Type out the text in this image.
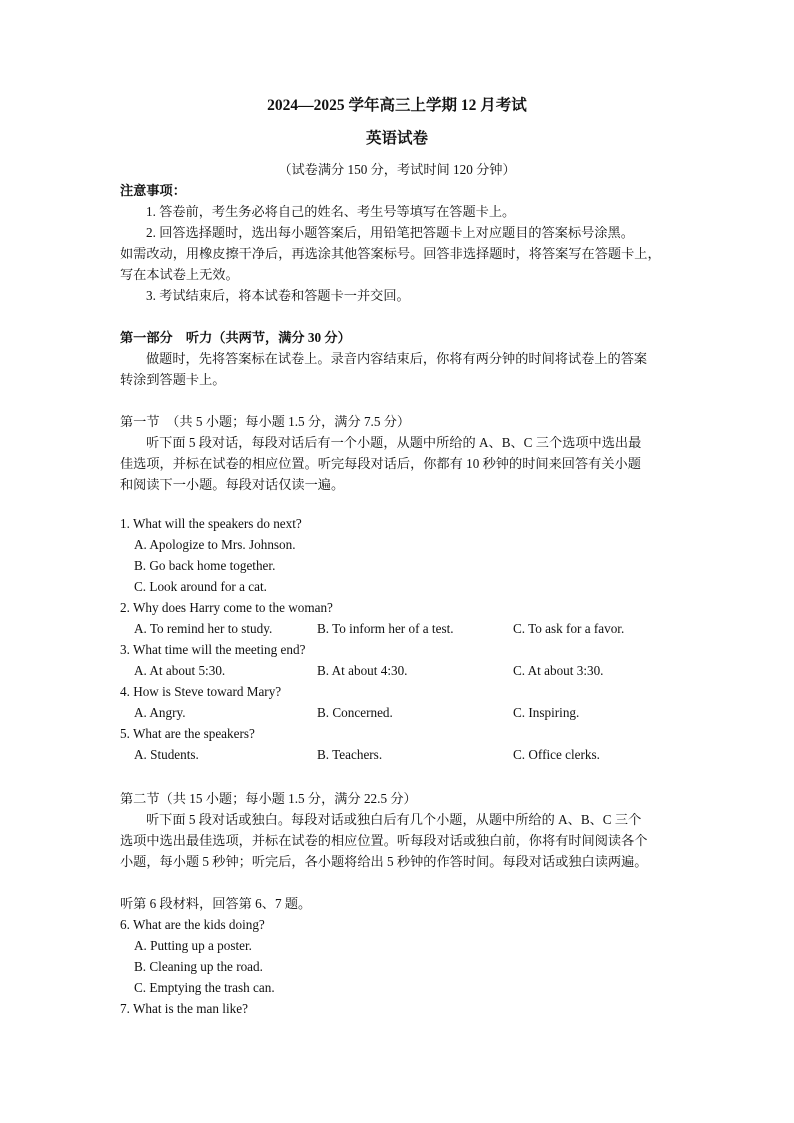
2024—2025 学年高三上学期 12 月考试
英语试卷
（试卷满分 150 分，考试时间 120 分钟）
注意事项：
1. 答卷前，考生务必将自己的姓名、考生号等填写在答题卡上。
2. 回答选择题时，选出每小题答案后，用铅笔把答题卡上对应题目的答案标号涂黑。
如需改动，用橡皮擦干净后，再选涂其他答案标号。回答非选择题时，将答案写在答题卡上，
写在本试卷上无效。
3. 考试结束后，将本试卷和答题卡一并交回。
第一部分　听力（共两节，满分 30 分）
做题时，先将答案标在试卷上。录音内容结束后，你将有两分钟的时间将试卷上的答案
转涂到答题卡上。
第一节　（共 5 小题；每小题 1.5 分，满分 7.5 分）
听下面 5 段对话，每段对话后有一个小题，从题中所给的 A、B、C 三个选项中选出最
佳选项，并标在试卷的相应位置。听完每段对话后，你都有 10 秒钟的时间来回答有关小题
和阅读下一小题。每段对话仅读一遍。
1. What will the speakers do next?
A. Apologize to Mrs. Johnson.
B. Go back home together.
C. Look around for a cat.
2. Why does Harry come to the woman?
A. To remind her to study.	B. To inform her of a test.	C. To ask for a favor.
3. What time will the meeting end?
A. At about 5:30.	B. At about 4:30.	C. At about 3:30.
4. How is Steve toward Mary?
A. Angry.	B. Concerned.	C. Inspiring.
5. What are the speakers?
A. Students.	B. Teachers.	C. Office clerks.
第二节（共 15 小题；每小题 1.5 分，满分 22.5 分）
听下面 5 段对话或独白。每段对话或独白后有几个小题，从题中所给的 A、B、C 三个
选项中选出最佳选项，并标在试卷的相应位置。听每段对话或独白前，你将有时间阅读各个
小题，每小题 5 秒钟；听完后，各小题将给出 5 秒钟的作答时间。每段对话或独白读两遍。
听第 6 段材料，回答第 6、7 题。
6. What are the kids doing?
A. Putting up a poster.
B. Cleaning up the road.
C. Emptying the trash can.
7. What is the man like?
